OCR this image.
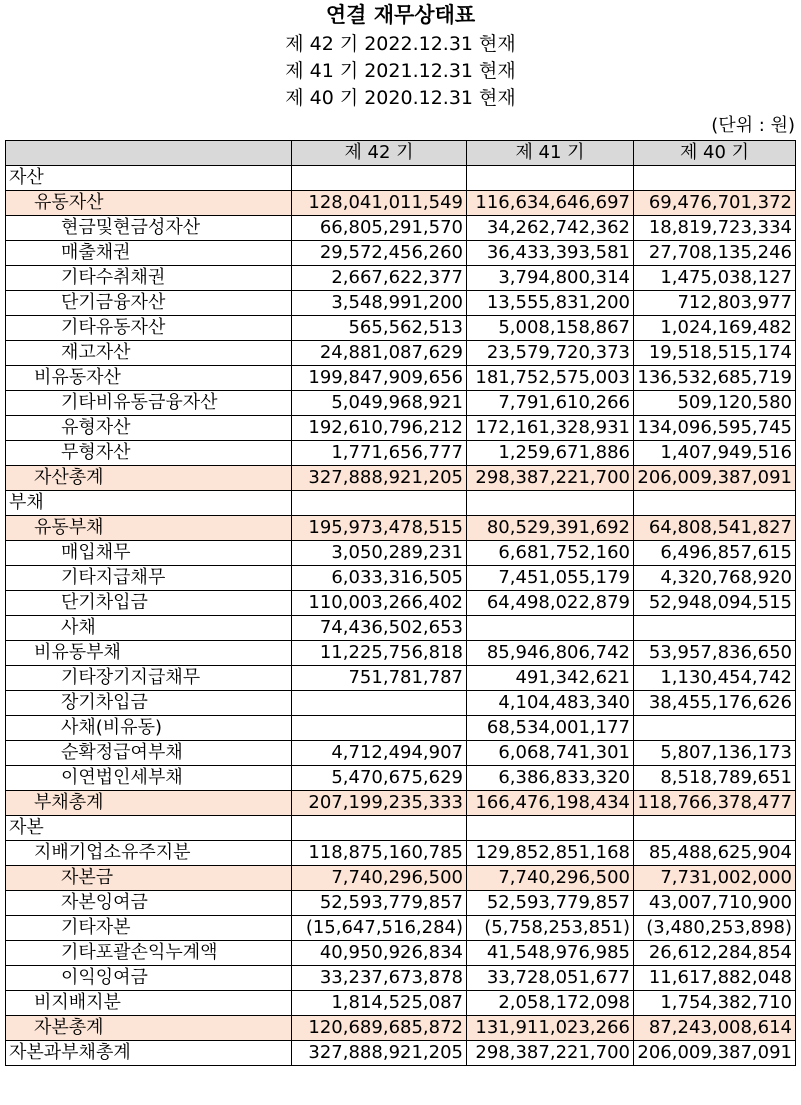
연결 재무상태표
제 42 기 2022.12.31 현재
제 41 기 2021.12.31 현재
제 40 기 2020.12.31 현재
(단위 : 원)
	제 42 기	제 41 기	제 40 기
자산			
유동자산	128,041,011,549	116,634,646,697	69,476,701,372
현금및현금성자산	66,805,291,570	34,262,742,362	18,819,723,334
매출채권	29,572,456,260	36,433,393,581	27,708,135,246
기타수취채권	2,667,622,377	3,794,800,314	1,475,038,127
단기금융자산	3,548,991,200	13,555,831,200	712,803,977
기타유동자산	565,562,513	5,008,158,867	1,024,169,482
재고자산	24,881,087,629	23,579,720,373	19,518,515,174
비유동자산	199,847,909,656	181,752,575,003	136,532,685,719
기타비유동금융자산	5,049,968,921	7,791,610,266	509,120,580
유형자산	192,610,796,212	172,161,328,931	134,096,595,745
무형자산	1,771,656,777	1,259,671,886	1,407,949,516
자산총계	327,888,921,205	298,387,221,700	206,009,387,091
부채			
유동부채	195,973,478,515	80,529,391,692	64,808,541,827
매입채무	3,050,289,231	6,681,752,160	6,496,857,615
기타지급채무	6,033,316,505	7,451,055,179	4,320,768,920
단기차입금	110,003,266,402	64,498,022,879	52,948,094,515
사채	74,436,502,653		
비유동부채	11,225,756,818	85,946,806,742	53,957,836,650
기타장기지급채무	751,781,787	491,342,621	1,130,454,742
장기차입금		4,104,483,340	38,455,176,626
사채(비유동)		68,534,001,177	
순확정급여부채	4,712,494,907	6,068,741,301	5,807,136,173
이연법인세부채	5,470,675,629	6,386,833,320	8,518,789,651
부채총계	207,199,235,333	166,476,198,434	118,766,378,477
자본			
지배기업소유주지분	118,875,160,785	129,852,851,168	85,488,625,904
자본금	7,740,296,500	7,740,296,500	7,731,002,000
자본잉여금	52,593,779,857	52,593,779,857	43,007,710,900
기타자본	(15,647,516,284)	(5,758,253,851)	(3,480,253,898)
기타포괄손익누계액	40,950,926,834	41,548,976,985	26,612,284,854
이익잉여금	33,237,673,878	33,728,051,677	11,617,882,048
비지배지분	1,814,525,087	2,058,172,098	1,754,382,710
자본총계	120,689,685,872	131,911,023,266	87,243,008,614
자본과부채총계	327,888,921,205	298,387,221,700	206,009,387,091
